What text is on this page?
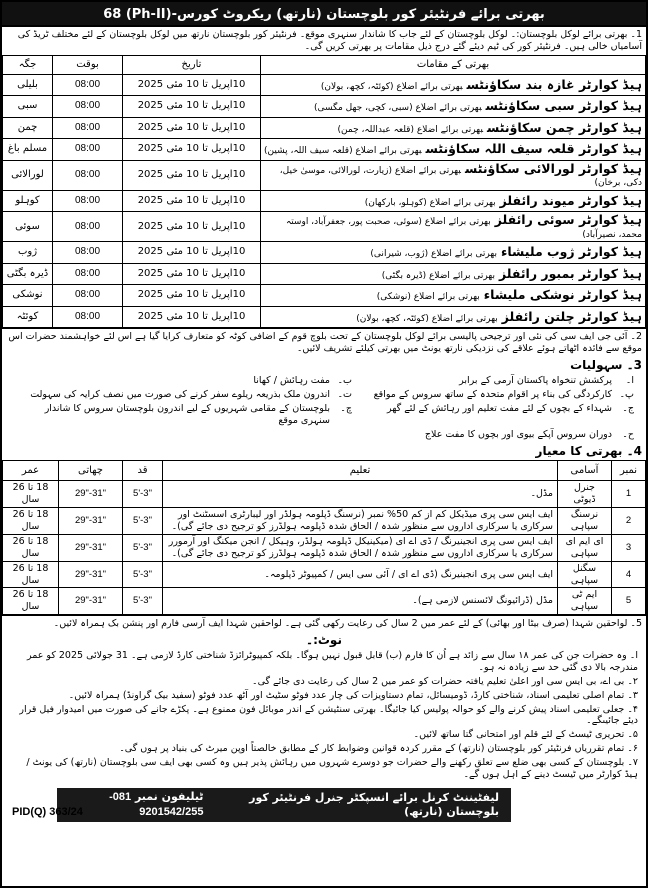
بھرتی برائے فرنٹیئر کور بلوچستان (نارتھ) ریکروٹ کورس-(Ph-II) 68
1۔ بھرتی برائے لوکل بلوچستان:۔ لوکل بلوچستان کے لئے جاب کا شاندار سنہری موقع۔ فرنٹیئر کور بلوچستان نارتھ میں لوکل بلوچستان کے لئے مختلف ٹریڈ کی آسامیاں خالی ہیں۔ فرنٹیئر کور کی ٹیم دیئے گئے درج ذیل مقامات پر بھرتی کریں گی۔
بھرتی کے مقامات	تاریخ	بوقت	جگہ
ہیڈ کوارٹر غازہ بند سکاؤنٹسبھرتی برائے اضلاع (کوئٹہ، کچھ، بولان)	10اپریل تا 10 مئی 2025	08:00	بلیلی
ہیڈ کوارٹر سبی سکاؤنٹسبھرتی برائے اضلاع (سبی، کچی، جھل مگسی)	10اپریل تا 10 مئی 2025	08:00	سبی
ہیڈ کوارٹر چمن سکاؤنٹسبھرتی برائے اضلاع (قلعہ عبداللہ، چمن)	10اپریل تا 10 مئی 2025	08:00	چمن
ہیڈ کوارٹر قلعہ سیف اللہ سکاؤنٹسبھرتی برائے اضلاع (قلعہ سیف اللہ، پشین)	10اپریل تا 10 مئی 2025	08:00	مسلم باغ
ہیڈ کوارٹر لورالائی سکاؤنٹسبھرتی برائے اضلاع (زیارت، لورالائی، موسیٰ خیل، دکی، برخان)	10اپریل تا 10 مئی 2025	08:00	لورالائی
ہیڈ کوارٹر میوند رائفلزبھرتی برائے اضلاع (کوہلو، بارکھان)	10اپریل تا 10 مئی 2025	08:00	کوہلو
ہیڈ کوارٹر سوئی رائفلزبھرتی برائے اضلاع (سوئی، صحبت پور، جعفرآباد، اوستہ محمد، نصیرآباد)	10اپریل تا 10 مئی 2025	08:00	سوئی
ہیڈ کوارٹر ژوب ملیشاءبھرتی برائے اضلاع (ژوب، شیرانی)	10اپریل تا 10 مئی 2025	08:00	ژوب
ہیڈ کوارٹر بمبور رائفلزبھرتی برائے اضلاع (ڈیرہ بگٹی)	10اپریل تا 10 مئی 2025	08:00	ڈیرہ بگٹی
ہیڈ کوارٹر نوشکی ملیشاءبھرتی برائے اضلاع (نوشکی)	10اپریل تا 10 مئی 2025	08:00	نوشکی
ہیڈ کوارٹر چلتن رائفلزبھرتی برائے اضلاع (کوئٹہ، کچھ، بولان)	10اپریل تا 10 مئی 2025	08:00	کوئٹہ
2۔ آئی جی ایف سی کی نئی اور ترجیحی پالیسی برائے لوکل بلوچستان کے تحت بلوچ قوم کے اضافی کوٹہ کو متعارف کرایا گیا ہے اس لئے خواہشمند حضرات اس موقع سے فائدہ اٹھاتے ہوئے علاقے کی نزدیکی نارتھ یونٹ میں بھرتی کیلئے تشریف لائیں۔
3۔ سہولیات
ا۔
پرکشش تنخواہ پاکستان آرمی کے برابر
ب۔
مفت رہائش / کھانا
پ۔
کارکردگی کی بناء پر اقوام متحدہ کے ساتھ سروس کے مواقع
ت۔
اندرون ملک بذریعہ ریلوے سفر کرنے کی صورت میں نصف کرایہ کی سہولت
ج۔
شہداء کے بچوں کے لئے مفت تعلیم اور رہائش کے لئے گھر
چ۔
بلوچستان کے مقامی شہریوں کے لیے اندرون بلوچستان سروس کا شاندار سنہری موقع
ح۔
دوران سروس آپکے بیوی اور بچوں کا مفت علاج
4۔ بھرتی کا معیار
نمبر	آسامی	تعلیم	قد	چھاتی	عمر
1	جنرل ڈیوٹی	مڈل۔	5'-3"	29"-31"	18 تا 26 سال
2	نرسنگ سپاہی	ایف ایس سی پری میڈیکل کم از کم 50% نمبر (نرسنگ ڈپلومہ ہولڈر اور لیبارٹری اسسٹنٹ اور سرکاری یا سرکاری اداروں سے منظور شدہ / الحاق شدہ ڈپلومہ ہولڈرز کو ترجیح دی جائے گی)۔	5'-3"	29"-31"	18 تا 26 سال
3	ای ایم ای سپاہی	ایف ایس سی پری انجینیرنگ / ڈی اے ای (میکینیکل ڈپلومہ ہولڈر، وہیکل / انجن میکنگ اور آرمورر سرکاری یا سرکاری اداروں سے منظور شدہ / الحاق شدہ ڈپلومہ ہولڈرز کو ترجیح دی جائے گی)۔	5'-3"	29"-31"	18 تا 26 سال
4	سگنل سپاہی	ایف ایس سی پری انجینیرنگ (ڈی اے ای / آئی سی ایس / کمپیوٹر ڈپلومہ۔	5'-3"	29"-31"	18 تا 26 سال
5	ایم ٹی سپاہی	مڈل (ڈرائیونگ لائسنس لازمی ہے)۔	5'-3"	29"-31"	18 تا 26 سال
5۔ لواحقین شہدا (صرف بیٹا اور بھائی) کے لئے عمر میں 2 سال کی رعایت رکھی گئی ہے۔ لواحقین شہدا ایف آرسی فارم اور پنشن بک ہمراہ لائیں۔
نوٹ:۔
ا۔ وہ حضرات جن کی عمر ۱۸ سال سے زائد ہے اُن کا فارم (ب) قابل قبول نہیں ہوگا۔ بلکہ کمپیوٹرائزڈ شناختی کارڈ لازمی ہے۔ 31 جولائی 2025 کو عمر مندرجہ بالا دی گئی حد سے زیادہ نہ ہو۔
۲۔ بی اے، بی ایس سی اور اعلیٰ تعلیم یافتہ حضرات کو عمر میں 2 سال کی رعایت دی جائے گی۔
۳۔ تمام اصلی تعلیمی اسناد، شناختی کارڈ، ڈومیسائل، تمام دستاویزات کی چار عدد فوٹو سٹیٹ اور آٹھ عدد فوٹو (سفید بیک گراونڈ) ہمراہ لائیں۔
۴۔ جعلی تعلیمی اسناد پیش کرنے والے کو حوالہ پولیس کیا جائیگا۔ بھرتی سنٹیشن کے اندر موبائل فون ممنوع ہے۔ پکڑے جانے کی صورت میں امیدوار فیل قرار دیئے جائیںگے۔
۵۔ تحریری ٹیسٹ کے لئے قلم اور امتحانی گتا ساتھ لائیں۔
۶۔ تمام تقرریاں فرنٹیئر کور بلوچستان (نارتھ) کے مقرر کردہ قوانین وضوابط کار کے مطابق خالصتاً اوپن میرٹ کی بنیاد پر ہوں گی۔
۷۔ بلوچستان کے کسی بھی ضلع سے تعلق رکھنے والے حضرات جو دوسرے شہروں میں رہائش پذیر ہیں وہ کسی بھی ایف سی بلوچستان (نارتھ) کی یونٹ / ہیڈ کوارٹر میں ٹیسٹ دینے کے اہل ہوں گے۔
لیفٹیننٹ کرنل برائے انسپکٹر جنرل فرنٹیئر کور بلوچستان (نارتھ)
ٹیلیفون نمبر 081-9201542/255
PID(Q) 363/24
